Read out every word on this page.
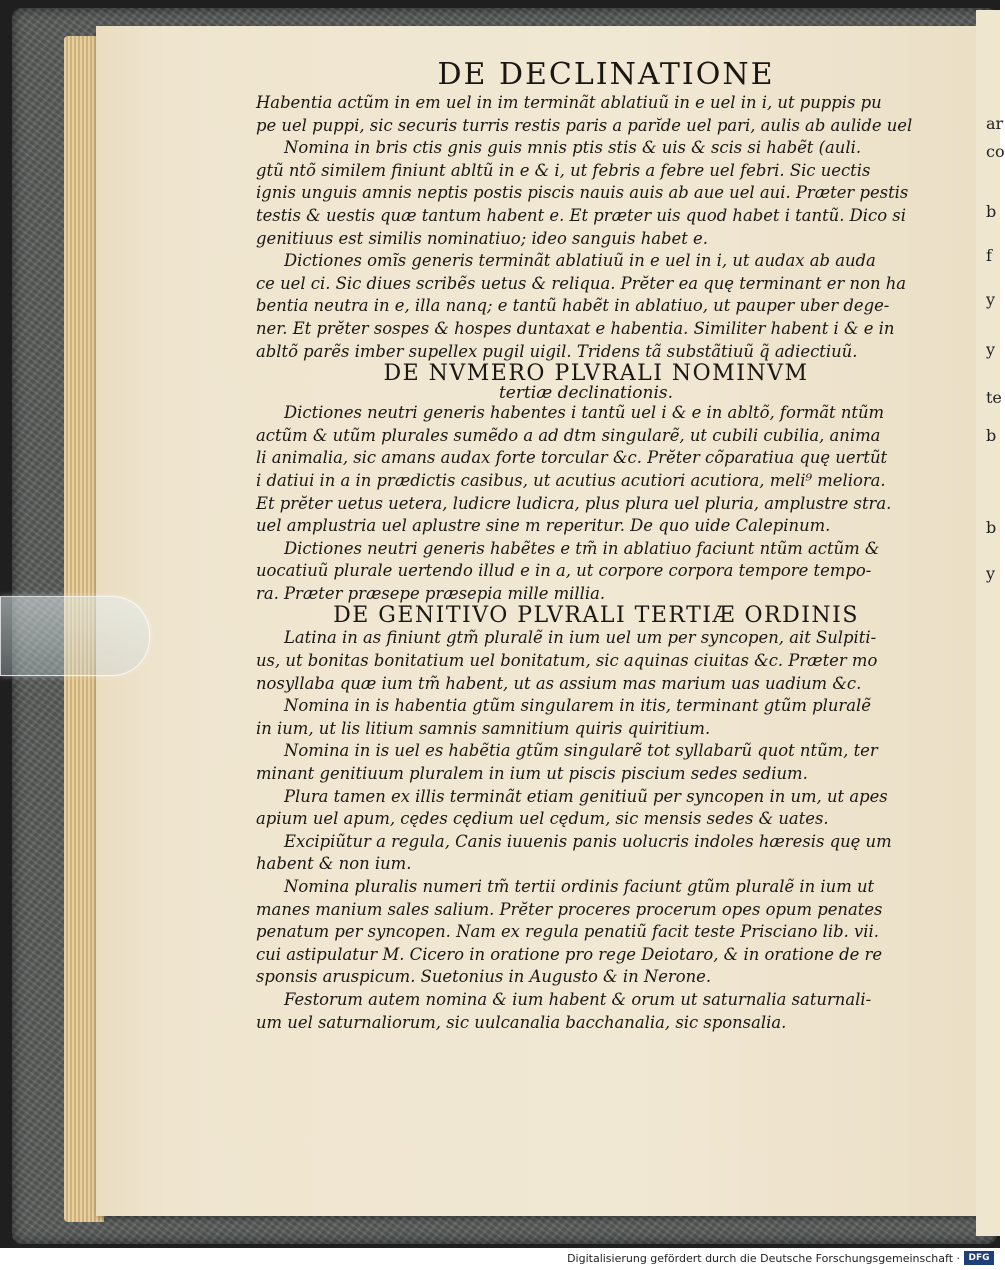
ar
co
b
f
y
y
te
b
b
y
DE DECLINATIONE

Habentia actũm in em uel in im terminãt ablatiuũ in e uel in i, ut puppis pu

pe uel puppi, sic securis turris restis paris a parĭde uel pari, aulis ab aulide uel

Nomina in bris ctis gnis guis mnis ptis stis & uis & scis si habẽt (auli.

gtũ ntõ similem finiunt abltũ in e & i, ut febris a febre uel febri. Sic uectis

ignis unguis amnis neptis postis piscis nauis auis ab aue uel aui. Præter pestis

testis & uestis quæ tantum habent e. Et præter uis quod habet i tantũ. Dico si

genitiuus est similis nominatiuo; ideo sanguis habet e.

Dictiones omĩs generis terminãt ablatiuũ in e uel in i, ut audax ab auda

ce uel ci. Sic diues scribẽs uetus & reliqua. Prĕter ea quę terminant er non ha

bentia neutra in e, illa nanq; e tantũ habẽt in ablatiuo, ut pauper uber dege-

ner. Et prĕter sospes & hospes duntaxat e habentia. Similiter habent i & e in

abltõ parẽs imber supellex pugil uigil. Tridens tã substãtiuũ q̃ adiectiuũ.

DE NVMERO PLVRALI NOMINVM

tertiæ declinationis.

Dictiones neutri generis habentes i tantũ uel i & e in abltõ, formãt ntũm

actũm & utũm plurales sumẽdo a ad dtm singularẽ, ut cubili cubilia, anima

li animalia, sic amans audax forte torcular &c. Prĕter cõparatiua quę uertũt

i datiui in a in prædictis casibus, ut acutius acutiori acutiora, meli⁹ meliora.

Et prĕter uetus uetera, ludicre ludicra, plus plura uel pluria, amplustre stra.

uel amplustria uel aplustre sine m reperitur. De quo uide Calepinum.

Dictiones neutri generis habẽtes e tm̃ in ablatiuo faciunt ntũm actũm &

uocatiuũ plurale uertendo illud e in a, ut corpore corpora tempore tempo-

ra. Præter præsepe præsepia mille millia.

DE GENITIVO PLVRALI TERTIÆ ORDINIS

Latina in as finiunt gtm̃ pluralẽ in ium uel um per syncopen, ait Sulpiti-

us, ut bonitas bonitatium uel bonitatum, sic aquinas ciuitas &c. Præter mo

nosyllaba quæ ium tm̃ habent, ut as assium mas marium uas uadium &c.

Nomina in is habentia gtũm singularem in itis, terminant gtũm pluralẽ

in ium, ut lis litium samnis samnitium quiris quiritium.

Nomina in is uel es habẽtia gtũm singularẽ tot syllabarũ quot ntũm, ter

minant genitiuum pluralem in ium ut piscis piscium sedes sedium.

Plura tamen ex illis terminãt etiam genitiuũ per syncopen in um, ut apes

apium uel apum, cędes cędium uel cędum, sic mensis sedes & uates.

Excipiũtur a regula, Canis iuuenis panis uolucris indoles hæresis quę um

habent & non ium.

Nomina pluralis numeri tm̃ tertii ordinis faciunt gtũm pluralẽ in ium ut

manes manium sales salium. Prĕter proceres procerum opes opum penates

penatum per syncopen. Nam ex regula penatiũ facit teste Prisciano lib. vii.

cui astipulatur M. Cicero in oratione pro rege Deiotaro, & in oratione de re

sponsis aruspicum. Suetonius in Augusto & in Nerone.

Festorum autem nomina & ium habent & orum ut saturnalia saturnali-

um uel saturnaliorum, sic uulcanalia bacchanalia, sic sponsalia.

Digitalisierung gefördert durch die Deutsche Forschungsgemeinschaft · DFG
